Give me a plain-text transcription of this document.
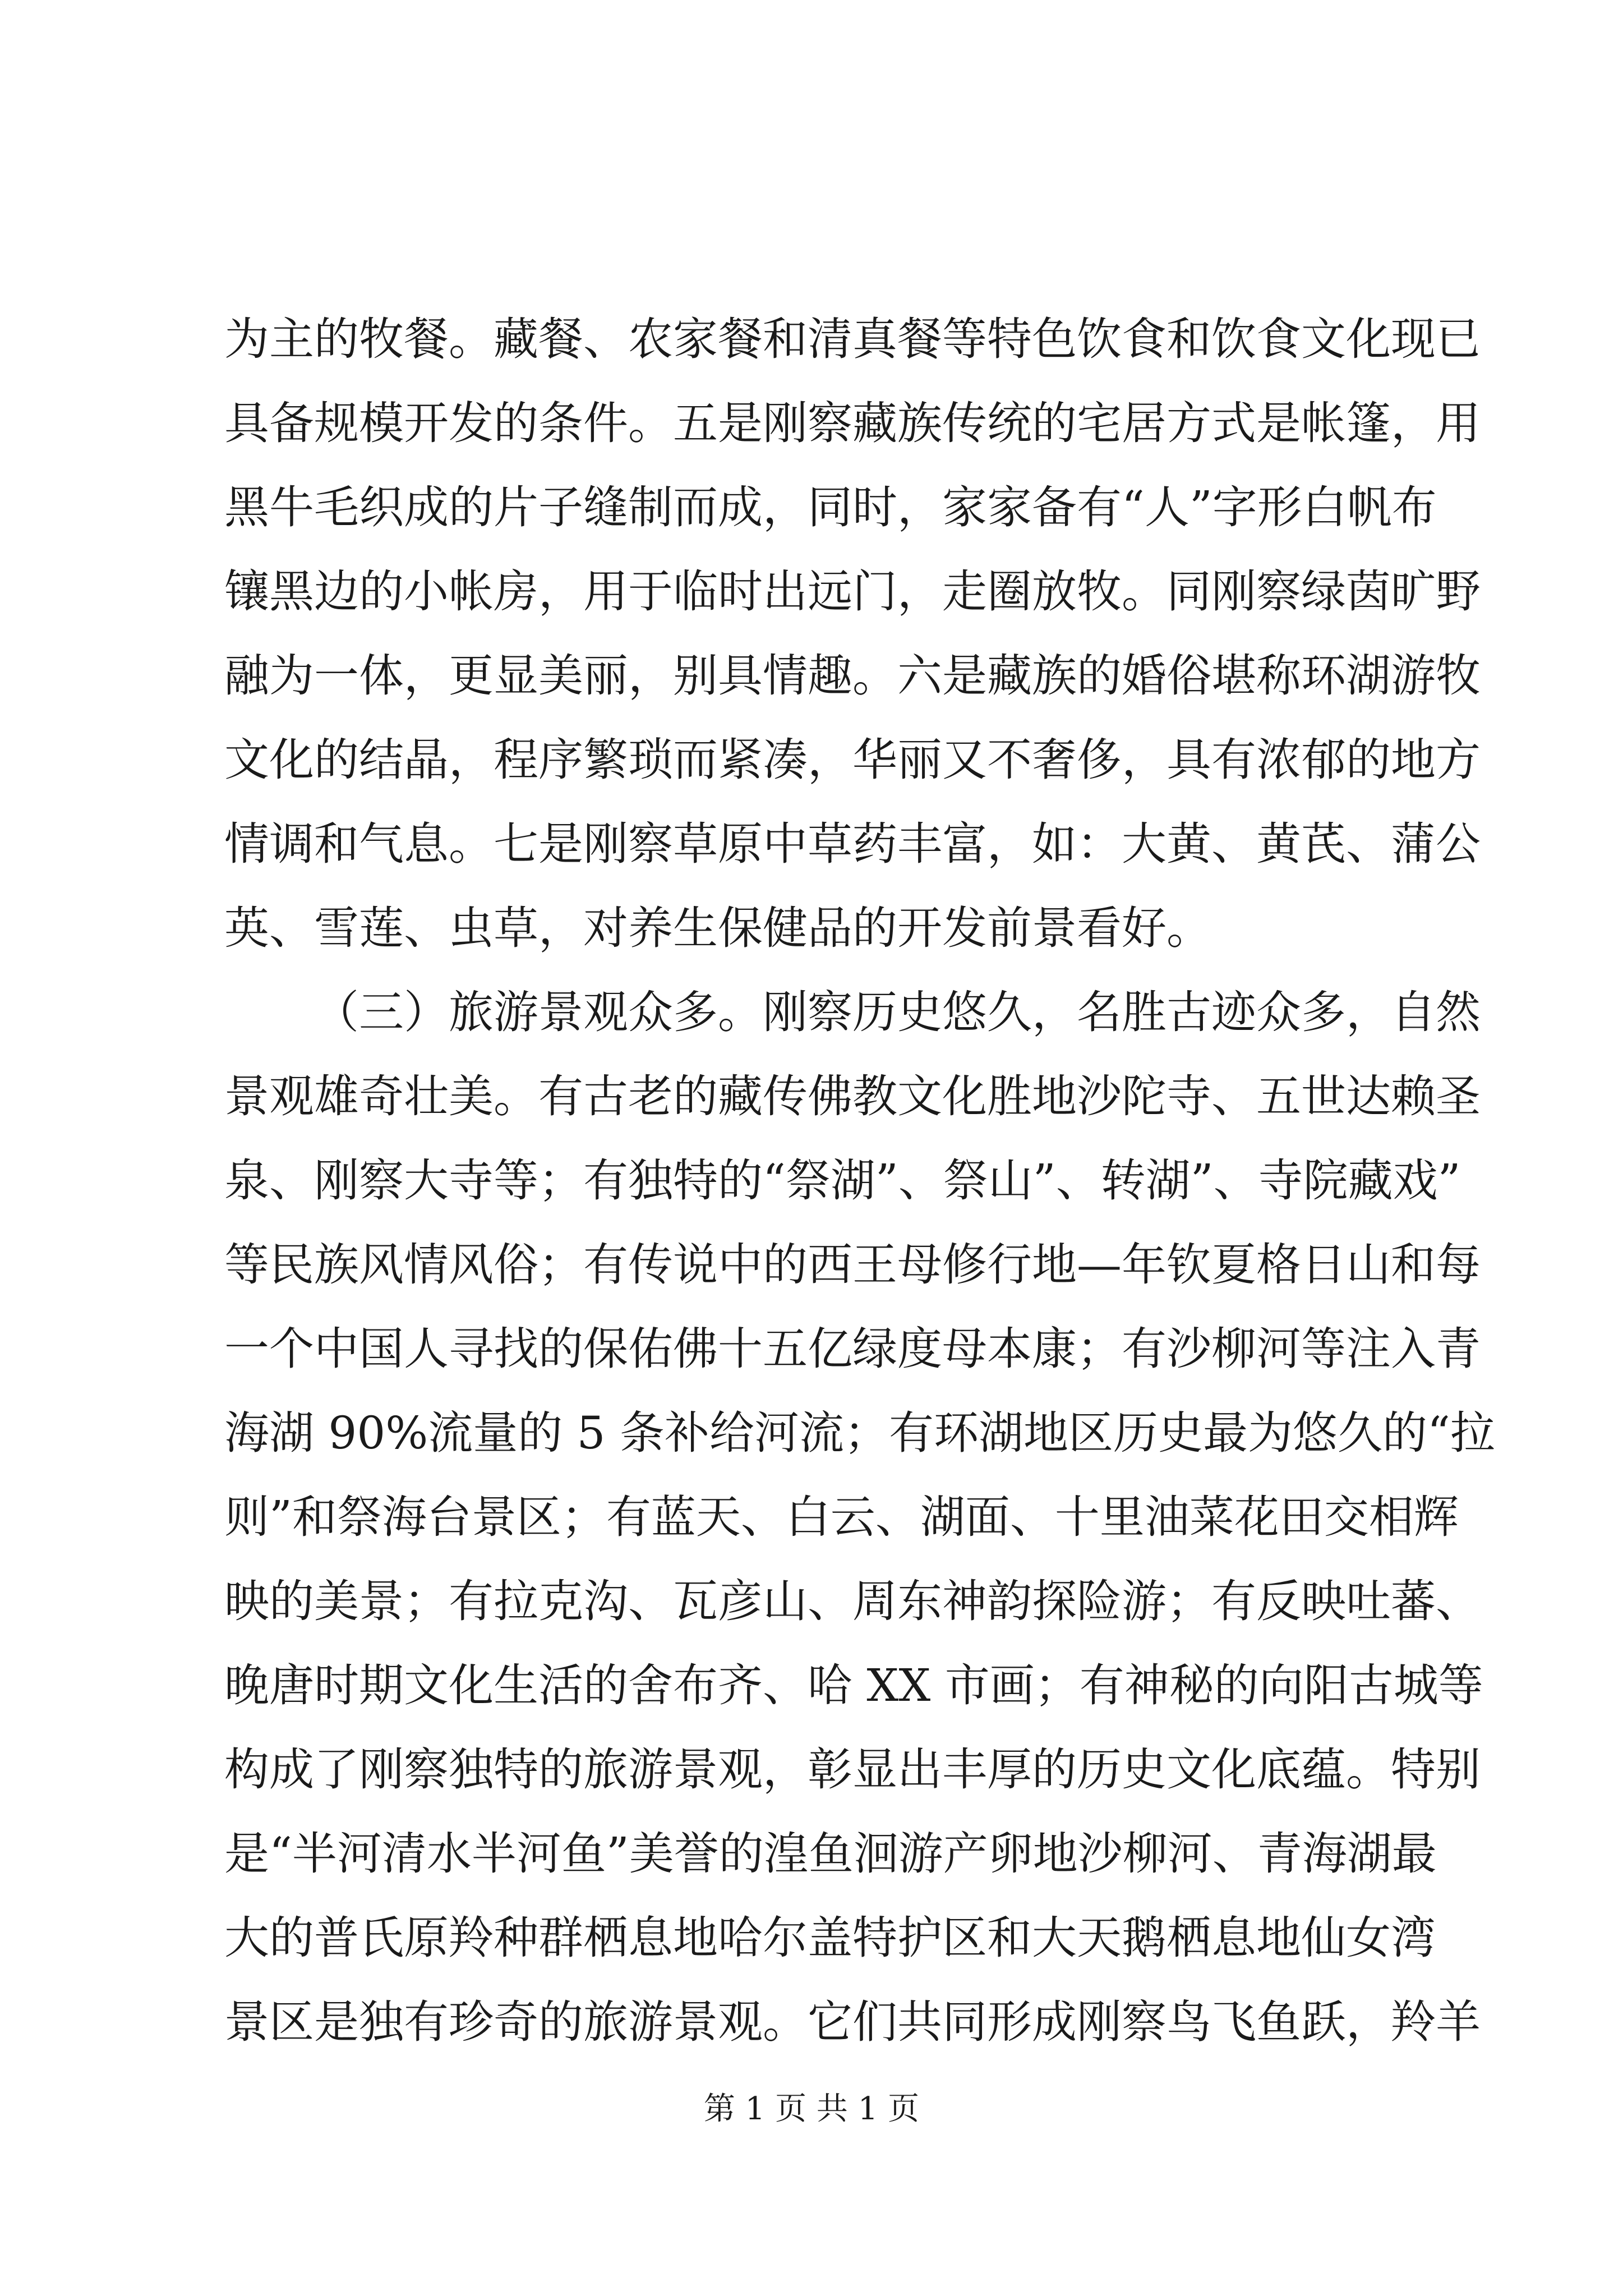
为主的牧餐。藏餐、农家餐和清真餐等特色饮食和饮食文化现已
具备规模开发的条件。五是刚察藏族传统的宅居方式是帐篷，用
黑牛毛织成的片子缝制而成，同时，家家备有“人”字形白帆布
镶黑边的小帐房，用于临时出远门，走圈放牧。同刚察绿茵旷野
融为一体，更显美丽，别具情趣。六是藏族的婚俗堪称环湖游牧
文化的结晶，程序繁琐而紧凑，华丽又不奢侈，具有浓郁的地方
情调和气息。七是刚察草原中草药丰富，如：大黄、黄芪、蒲公
英、雪莲、虫草，对养生保健品的开发前景看好。
（三）旅游景观众多。刚察历史悠久，名胜古迹众多，自然
景观雄奇壮美。有古老的藏传佛教文化胜地沙陀寺、五世达赖圣
泉、刚察大寺等；有独特的“祭湖”、祭山”、转湖”、寺院藏戏”
等民族风情风俗；有传说中的西王母修行地—年钦夏格日山和每
一个中国人寻找的保佑佛十五亿绿度母本康；有沙柳河等注入青
海湖 90%流量的 5 条补给河流；有环湖地区历史最为悠久的“拉
则”和祭海台景区；有蓝天、白云、湖面、十里油菜花田交相辉
映的美景；有拉克沟、瓦彦山、周东神韵探险游；有反映吐蕃、
晚唐时期文化生活的舍布齐、哈 XX 市画；有神秘的向阳古城等
构成了刚察独特的旅游景观，彰显出丰厚的历史文化底蕴。特别
是“半河清水半河鱼”美誉的湟鱼洄游产卵地沙柳河、青海湖最
大的普氏原羚种群栖息地哈尔盖特护区和大天鹅栖息地仙女湾
景区是独有珍奇的旅游景观。它们共同形成刚察鸟飞鱼跃，羚羊
第 1 页 共 1 页
